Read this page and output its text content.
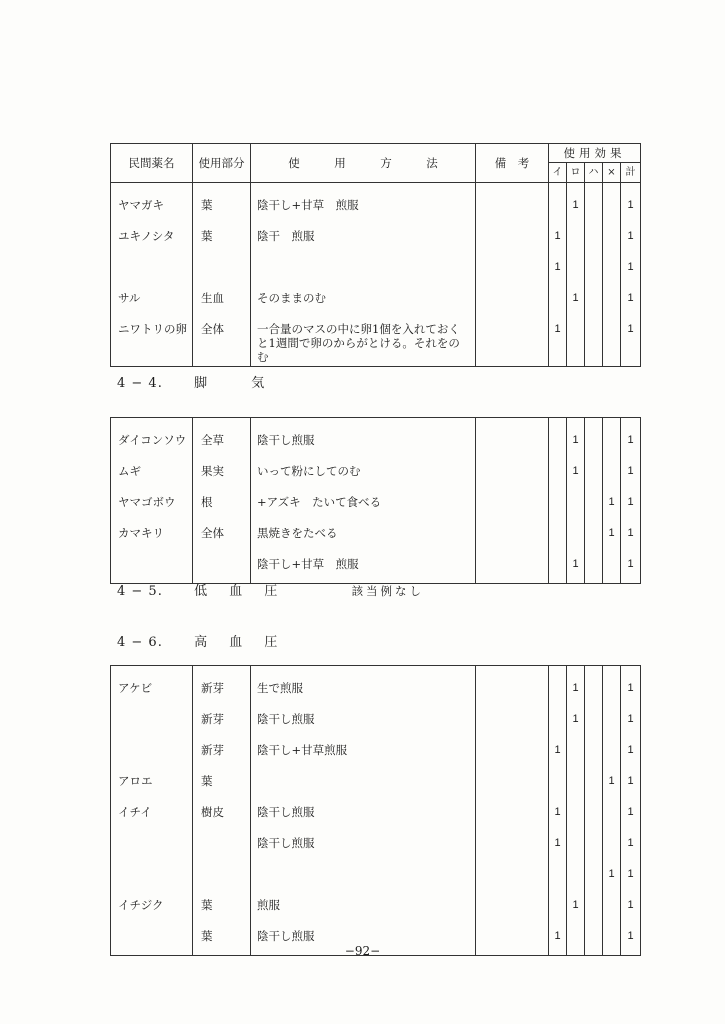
民間薬名	使用部分	使　　　用　　　方　　　法	備　考	使用効果				
				イ	ロ	ハ	×	計

ヤマガキ	葉	陰干し+甘草　煎服			1			1
ユキノシタ	葉	陰干　煎服		1				1
				1				1
サル	生血	そのままのむ			1			1
ニワトリの卵	全体	一合量のマスの中に卵1個を入れておくと1週間で卵のからがとける。それをのむ		1				1
4 − 4. 脚	気

ダイコンソウ	全草	陰干し煎服			1			1
ムギ	果実	いって粉にしてのむ			1			1
ヤマゴボウ	根	+アズキ　たいて食べる					1	1
カマキリ	全体	黒焼きをたべる					1	1
		陰干し+甘草　煎服			1			1
4 − 5. 低 血 圧	該当例なし
4 − 6. 高 血 圧

アケビ	新芽	生で煎服			1			1
	新芽	陰干し煎服			1			1
	新芽	陰干し+甘草煎服		1				1
アロエ	葉						1	1
イチイ	樹皮	陰干し煎服		1				1
		陰干し煎服		1				1
							1	1
イチジク	葉	煎服			1			1
	葉	陰干し煎服		1				1
−92−
